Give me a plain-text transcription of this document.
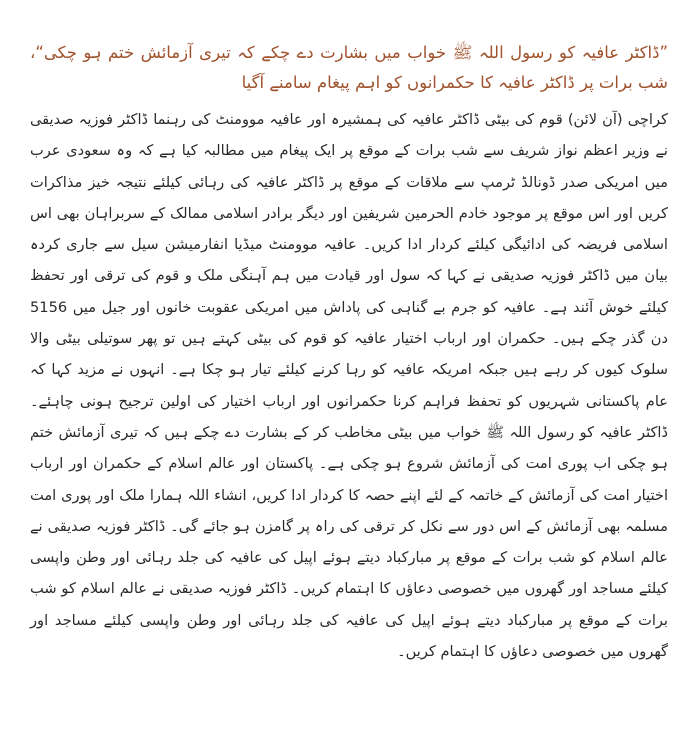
”ڈاکٹر عافیہ کو رسول اللہ ﷺ خواب میں بشارت دے چکے کہ تیری آزمائش ختم ہو چکی“، شب برات پر ڈاکٹر عافیہ کا حکمرانوں کو اہم پیغام سامنے آگیا

کراچی (آن لائن) قوم کی بیٹی ڈاکٹر عافیہ کی ہمشیرہ اور عافیہ موومنٹ کی رہنما ڈاکٹر فوزیہ صدیقی نے وزیر اعظم نواز شریف سے شب برات کے موقع پر ایک پیغام میں مطالبہ کیا ہے کہ وہ سعودی عرب میں امریکی صدر ڈونالڈ ٹرمپ سے ملاقات کے موقع پر ڈاکٹر عافیہ کی رہائی کیلئے نتیجہ خیز مذاکرات کریں اور اس موقع پر موجود خادم الحرمین شریفین اور دیگر برادر اسلامی ممالک کے سربراہان بھی اس اسلامی فریضہ کی ادائیگی کیلئے کردار ادا کریں۔ عافیہ موومنٹ میڈیا انفارمیشن سیل سے جاری کردہ بیان میں ڈاکٹر فوزیہ صدیقی نے کہا کہ سول اور قیادت میں ہم آہنگی ملک و قوم کی ترقی اور تحفظ کیلئے خوش آئند ہے۔ عافیہ کو جرم بے گناہی کی پاداش میں امریکی عقوبت خانوں اور جیل میں 5156 دن گذر چکے ہیں۔ حکمران اور ارباب اختیار عافیہ کو قوم کی بیٹی کہتے ہیں تو پھر سوتیلی بیٹی والا سلوک کیوں کر رہے ہیں جبکہ امریکہ عافیہ کو رہا کرنے کیلئے تیار ہو چکا ہے۔ انہوں نے مزید کہا کہ عام پاکستانی شہریوں کو تحفظ فراہم کرنا حکمرانوں اور ارباب اختیار کی اولین ترجیح ہونی چاہئے۔ ڈاکٹر عافیہ کو رسول اللہ ﷺ خواب میں بیٹی مخاطب کر کے بشارت دے چکے ہیں کہ تیری آزمائش ختم ہو چکی اب پوری امت کی آزمائش شروع ہو چکی ہے۔ پاکستان اور عالم اسلام کے حکمران اور ارباب اختیار امت کی آزمائش کے خاتمہ کے لئے اپنے حصہ کا کردار ادا کریں، انشاء اللہ ہمارا ملک اور پوری امت مسلمہ بھی آزمائش کے اس دور سے نکل کر ترقی کی راہ پر گامزن ہو جائے گی۔ ڈاکٹر فوزیہ صدیقی نے عالم اسلام کو شب برات کے موقع پر مبارکباد دیتے ہوئے اپیل کی عافیہ کی جلد رہائی اور وطن واپسی کیلئے مساجد اور گھروں میں خصوصی دعاؤں کا اہتمام کریں۔ ڈاکٹر فوزیہ صدیقی نے عالم اسلام کو شب برات کے موقع پر مبارکباد دیتے ہوئے اپیل کی عافیہ کی جلد رہائی اور وطن واپسی کیلئے مساجد اور گھروں میں خصوصی دعاؤں کا اہتمام کریں۔
